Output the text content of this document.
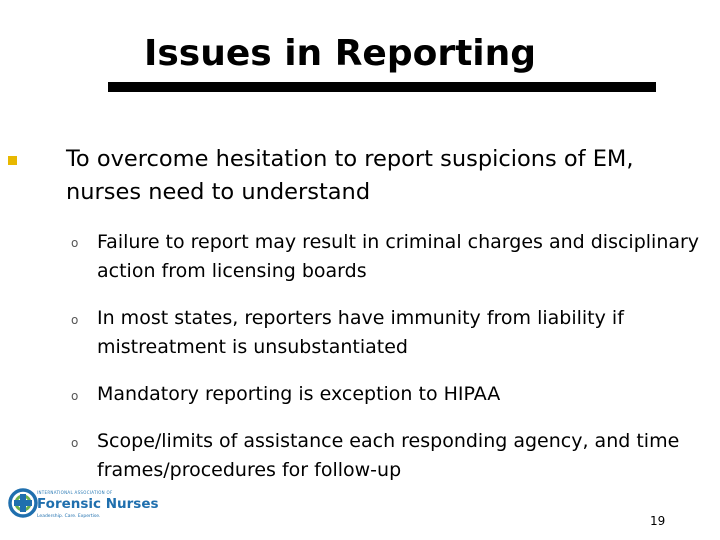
Issues in Reporting

To overcome hesitation to report suspicions of EM, nurses need to understand

o Failure to report may result in criminal charges and disciplinary action from licensing boards

o In most states, reporters have immunity from liability if mistreatment is unsubstantiated

o Mandatory reporting is exception to HIPAA

o Scope/limits of assistance each responding agency, and time frames/procedures for follow-up

INTERNATIONAL ASSOCIATION OF
Forensic Nurses
Leadership. Care. Expertise.	19
